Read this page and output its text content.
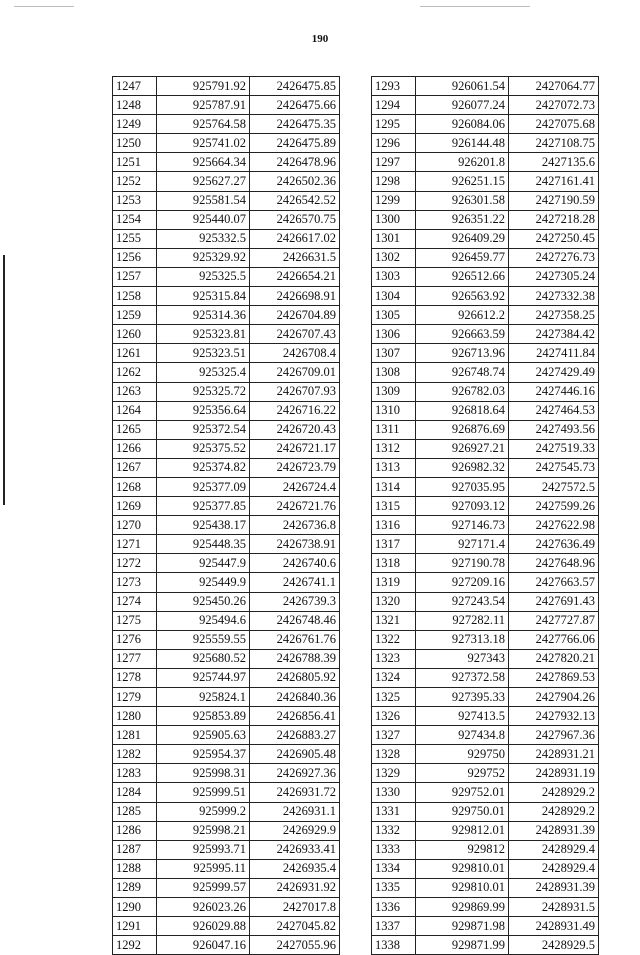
190
1247	925791.92	2426475.85
1248	925787.91	2426475.66
1249	925764.58	2426475.35
1250	925741.02	2426475.89
1251	925664.34	2426478.96
1252	925627.27	2426502.36
1253	925581.54	2426542.52
1254	925440.07	2426570.75
1255	925332.5	2426617.02
1256	925329.92	2426631.5
1257	925325.5	2426654.21
1258	925315.84	2426698.91
1259	925314.36	2426704.89
1260	925323.81	2426707.43
1261	925323.51	2426708.4
1262	925325.4	2426709.01
1263	925325.72	2426707.93
1264	925356.64	2426716.22
1265	925372.54	2426720.43
1266	925375.52	2426721.17
1267	925374.82	2426723.79
1268	925377.09	2426724.4
1269	925377.85	2426721.76
1270	925438.17	2426736.8
1271	925448.35	2426738.91
1272	925447.9	2426740.6
1273	925449.9	2426741.1
1274	925450.26	2426739.3
1275	925494.6	2426748.46
1276	925559.55	2426761.76
1277	925680.52	2426788.39
1278	925744.97	2426805.92
1279	925824.1	2426840.36
1280	925853.89	2426856.41
1281	925905.63	2426883.27
1282	925954.37	2426905.48
1283	925998.31	2426927.36
1284	925999.51	2426931.72
1285	925999.2	2426931.1
1286	925998.21	2426929.9
1287	925993.71	2426933.41
1288	925995.11	2426935.4
1289	925999.57	2426931.92
1290	926023.26	2427017.8
1291	926029.88	2427045.82
1292	926047.16	2427055.96
1293	926061.54	2427064.77
1294	926077.24	2427072.73
1295	926084.06	2427075.68
1296	926144.48	2427108.75
1297	926201.8	2427135.6
1298	926251.15	2427161.41
1299	926301.58	2427190.59
1300	926351.22	2427218.28
1301	926409.29	2427250.45
1302	926459.77	2427276.73
1303	926512.66	2427305.24
1304	926563.92	2427332.38
1305	926612.2	2427358.25
1306	926663.59	2427384.42
1307	926713.96	2427411.84
1308	926748.74	2427429.49
1309	926782.03	2427446.16
1310	926818.64	2427464.53
1311	926876.69	2427493.56
1312	926927.21	2427519.33
1313	926982.32	2427545.73
1314	927035.95	2427572.5
1315	927093.12	2427599.26
1316	927146.73	2427622.98
1317	927171.4	2427636.49
1318	927190.78	2427648.96
1319	927209.16	2427663.57
1320	927243.54	2427691.43
1321	927282.11	2427727.87
1322	927313.18	2427766.06
1323	927343	2427820.21
1324	927372.58	2427869.53
1325	927395.33	2427904.26
1326	927413.5	2427932.13
1327	927434.8	2427967.36
1328	929750	2428931.21
1329	929752	2428931.19
1330	929752.01	2428929.2
1331	929750.01	2428929.2
1332	929812.01	2428931.39
1333	929812	2428929.4
1334	929810.01	2428929.4
1335	929810.01	2428931.39
1336	929869.99	2428931.5
1337	929871.98	2428931.49
1338	929871.99	2428929.5
